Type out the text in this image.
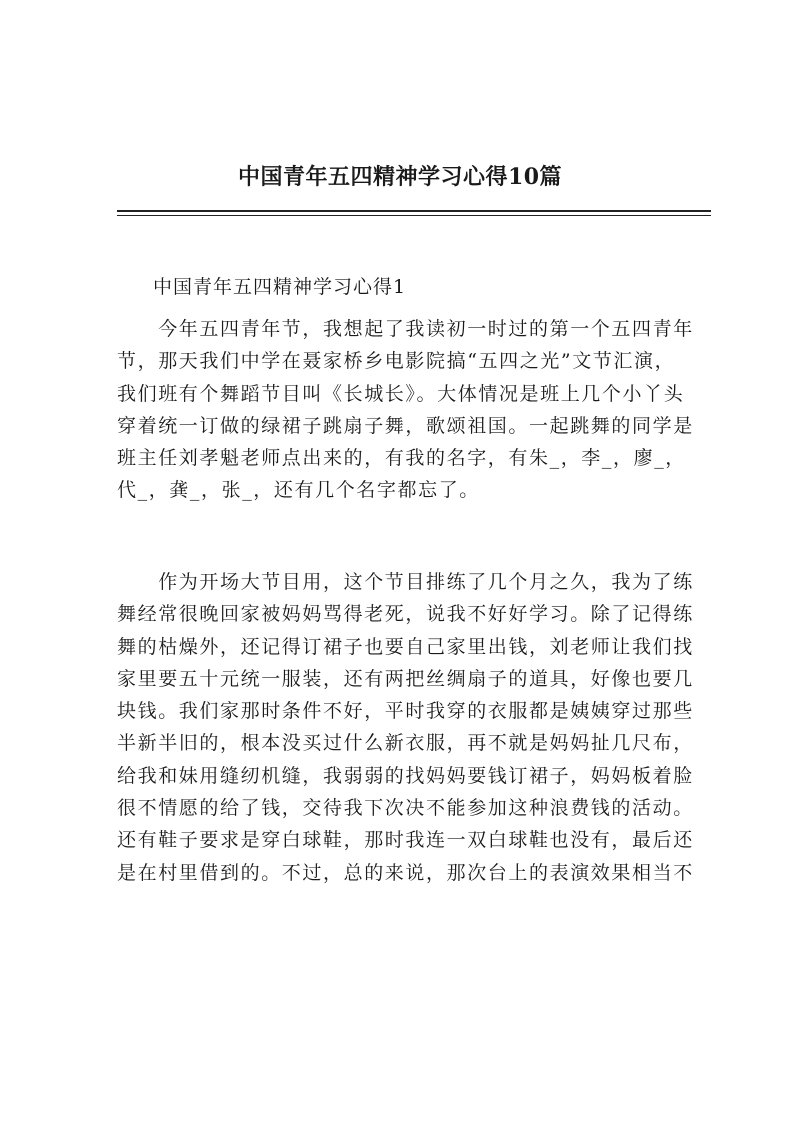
中国青年五四精神学习心得10篇
中国青年五四精神学习心得1

　　今年五四青年节，我想起了我读初一时过的第一个五四青年
节，那天我们中学在聂家桥乡电影院搞“五四之光”文节汇演，
我们班有个舞蹈节目叫《长城长》。大体情况是班上几个小丫头
穿着统一订做的绿裙子跳扇子舞，歌颂祖国。一起跳舞的同学是
班主任刘孝魁老师点出来的，有我的名字，有朱_，李_，廖_，
代_，龚_，张_，还有几个名字都忘了。

　　作为开场大节目用，这个节目排练了几个月之久，我为了练
舞经常很晚回家被妈妈骂得老死，说我不好好学习。除了记得练
舞的枯燥外，还记得订裙子也要自己家里出钱，刘老师让我们找
家里要五十元统一服装，还有两把丝绸扇子的道具，好像也要几
块钱。我们家那时条件不好，平时我穿的衣服都是姨姨穿过那些
半新半旧的，根本没买过什么新衣服，再不就是妈妈扯几尺布，
给我和妹用缝纫机缝，我弱弱的找妈妈要钱订裙子，妈妈板着脸
很不情愿的给了钱，交待我下次决不能参加这种浪费钱的活动。
还有鞋子要求是穿白球鞋，那时我连一双白球鞋也没有，最后还
是在村里借到的。不过，总的来说，那次台上的表演效果相当不
